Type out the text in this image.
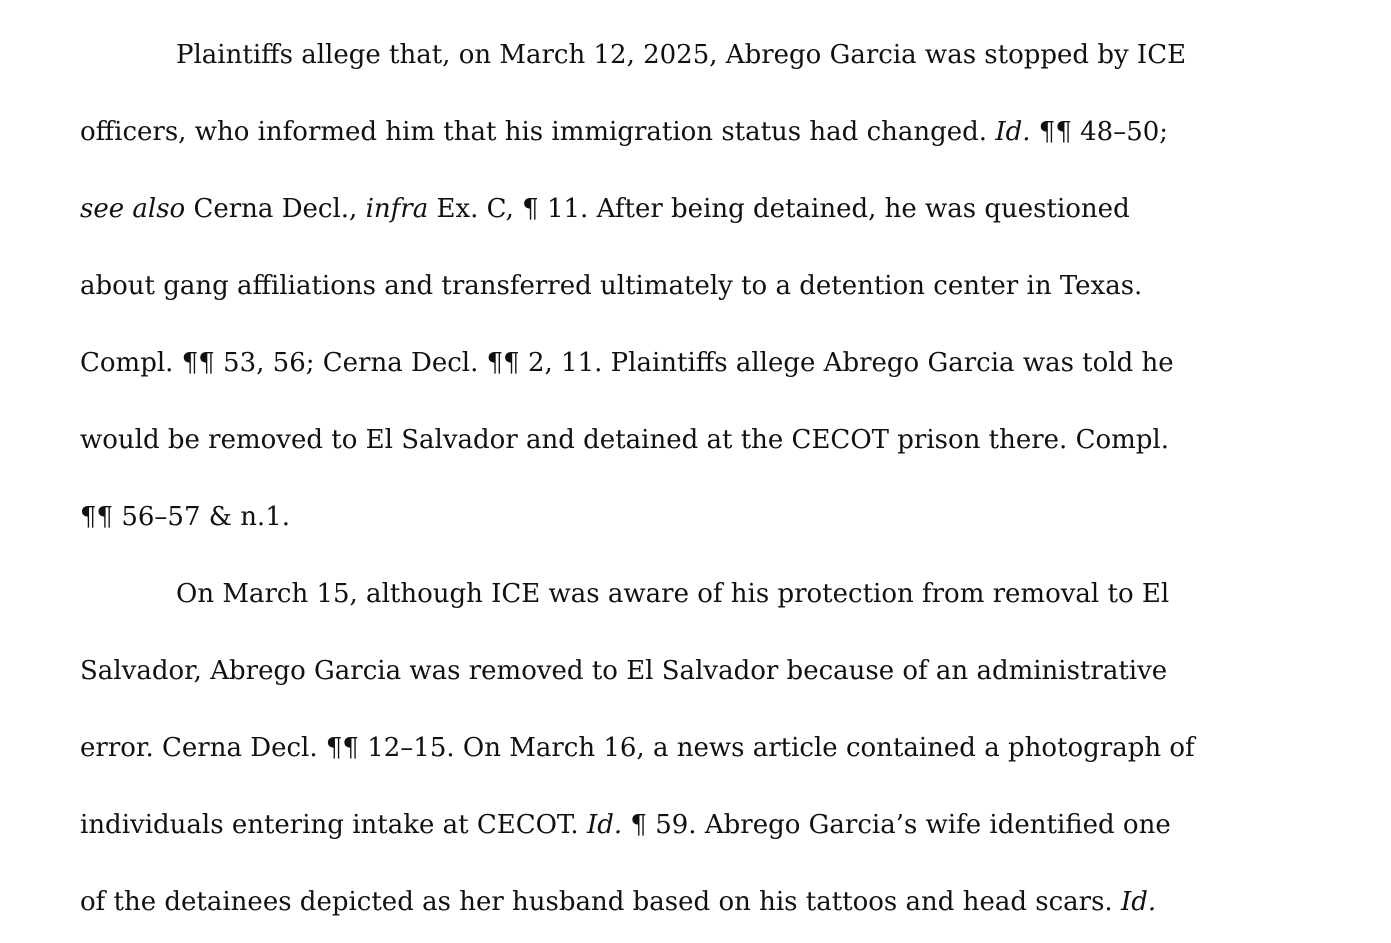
Plaintiffs allege that, on March 12, 2025, Abrego Garcia was stopped by ICE
officers, who informed him that his immigration status had changed. Id. ¶¶ 48–50;
see also Cerna Decl., infra Ex. C, ¶ 11. After being detained, he was questioned
about gang affiliations and transferred ultimately to a detention center in Texas.
Compl. ¶¶ 53, 56; Cerna Decl. ¶¶ 2, 11. Plaintiffs allege Abrego Garcia was told he
would be removed to El Salvador and detained at the CECOT prison there. Compl.
¶¶ 56–57 & n.1.
On March 15, although ICE was aware of his protection from removal to El
Salvador, Abrego Garcia was removed to El Salvador because of an administrative
error. Cerna Decl. ¶¶ 12–15. On March 16, a news article contained a photograph of
individuals entering intake at CECOT. Id. ¶ 59. Abrego Garcia’s wife identified one
of the detainees depicted as her husband based on his tattoos and head scars. Id.
